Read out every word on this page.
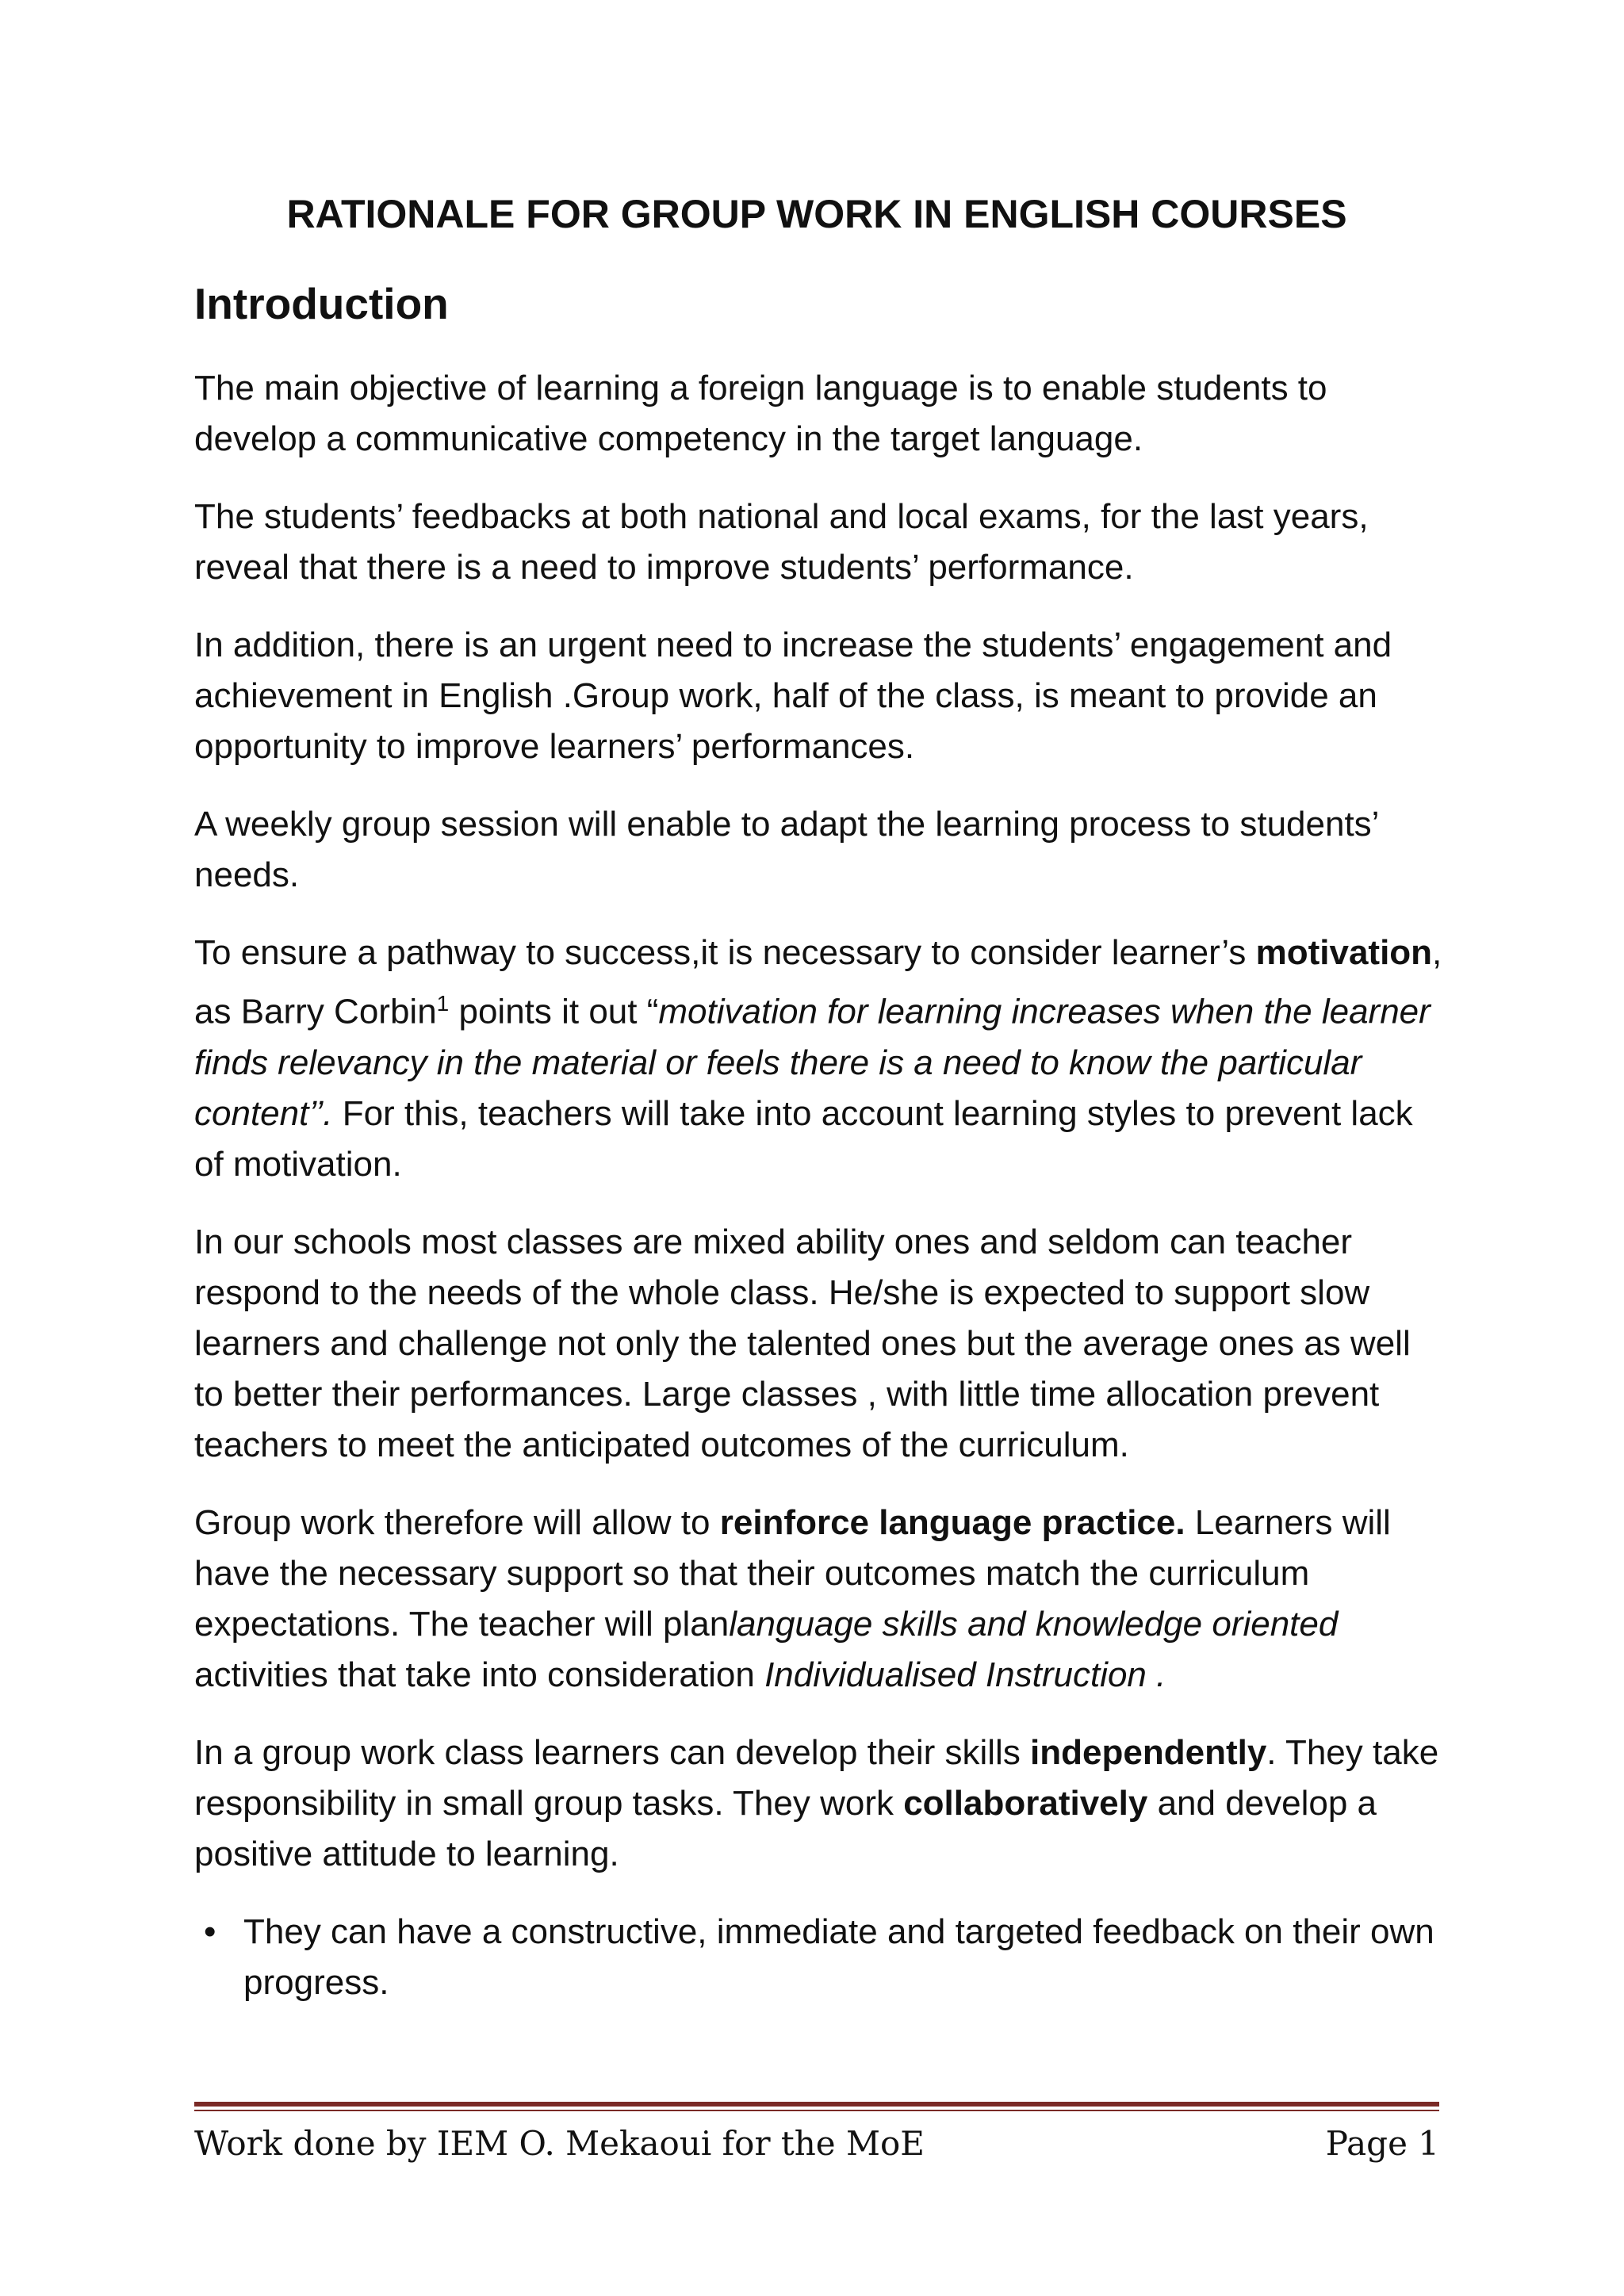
RATIONALE FOR GROUP WORK IN ENGLISH COURSES
Introduction

The main objective of learning a foreign language is to enable students to develop a communicative competency in the target language.

The students’ feedbacks at both national and local exams, for the last years, reveal that there is a need to improve students’ performance.

In addition, there is an urgent need to increase the students’ engagement and achievement in English .Group work, half of the class, is meant to provide an opportunity to improve learners’ performances.

A weekly group session will enable to adapt the learning process to students’ needs.

To ensure a pathway to success,it is necessary to consider learner’s motivation, as Barry Corbin$^1$ points it out “motivation for learning increases when the learner finds relevancy in the material or feels there is a need to know the particular content’’. For this, teachers will take into account learning styles to prevent lack of motivation.

In our schools most classes are mixed ability ones and seldom can teacher respond to the needs of the whole class. He/she is expected to support slow learners and challenge not only the talented ones but the average ones as well to better their performances. Large classes , with little time allocation prevent teachers to meet the anticipated outcomes of the curriculum.

Group work therefore will allow to reinforce language practice. Learners will have the necessary support so that their outcomes match the curriculum expectations. The teacher will planlanguage skills and knowledge oriented activities that take into consideration Individualised Instruction .

In a group work class learners can develop their skills independently. They take responsibility in small group tasks. They work collaboratively and develop a positive attitude to learning.

• They can have a constructive, immediate and targeted feedback on their own progress.
Work done by IEM O. Mekaoui for the MoE	Page 1
